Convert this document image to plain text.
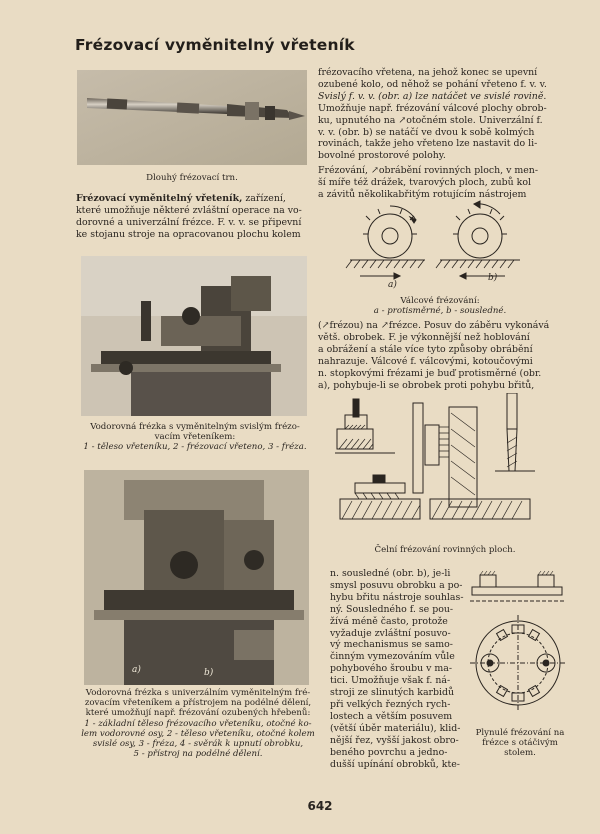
Frézovací vyměnitelný vřeteník
Dlouhý frézovací trn.
Frézovací vyměnitelný vřeteník, zařízení,
které umožňuje některé zvláštní operace na vo-
dorovné a univerzální frézce. F. v. v. se připevní
ke stojanu stroje na opracovanou plochu kolem
Vodorovná frézka s vyměnitelným svislým frézo-
vacím vřeteníkem:
1 - těleso vřeteníku, 2 - frézovací vřeteno, 3 - fréza.
a)	b)
Vodorovná frézka s univerzálním vyměnitelným fré-
zovacím vřeteníkem a přístrojem na podélné dělení,
které umožňují např. frézování ozubených hřebenů:
1 - základní těleso frézovacího vřeteníku, otočné ko-
lem vodorovné osy, 2 - těleso vřeteníku, otočné kolem
svislé osy, 3 - fréza, 4 - svěrák k upnutí obrobku,
5 - přístroj na podélné dělení.
frézovacího vřetena, na jehož konec se upevní
ozubené kolo, od něhož se pohání vřeteno f. v. v.
Svislý f. v. v. (obr. a) lze natáčet ve svislé rovině.
Umožňuje např. frézování válcové plochy obrob-
ku, upnutého na ↗otočném stole. Univerzální f.
v. v. (obr. b) se natáčí ve dvou k sobě kolmých
rovinách, takže jeho vřeteno lze nastavit do li-
bovolné prostorové polohy.
Frézování, ↗obrábění rovinných ploch, v men-
ší míře též drážek, tvarových ploch, zubů kol
a závitů několikabřitým rotujícím nástrojem
a)
b)
Válcové frézování:
a - protisměrné, b - sousledné.
(↗frézou) na ↗frézce. Posuv do záběru vykonává
větš. obrobek. F. je výkonnější než hoblování
a obrážení a stále více tyto způsoby obrábění
nahrazuje. Válcové f. válcovými, kotoučovými
n. stopkovými frézami je buď protisměrné (obr.
a), pohybuje-li se obrobek proti pohybu břitů,
Čelní frézování rovinných ploch.
n. sousledné (obr. b), je-li
smysl posuvu obrobku a po-
hybu břitu nástroje souhlas-
ný. Sousledného f. se pou-
žívá méně často, protože
vyžaduje zvláštní posuvo-
vý mechanismus se samo-
činným vymezováním vůle
pohybového šroubu v ma-
tici. Umožňuje však f. ná-
stroji ze slinutých karbidů
při velkých řezných rych-
lostech a větším posuvem
(větší úběr materiálu), klid-
nější řez, vyšší jakost obro-
beného povrchu a jedno-
dušší upínání obrobků, kte-
Plynulé frézování na
frézce s otáčivým
stolem.
642
